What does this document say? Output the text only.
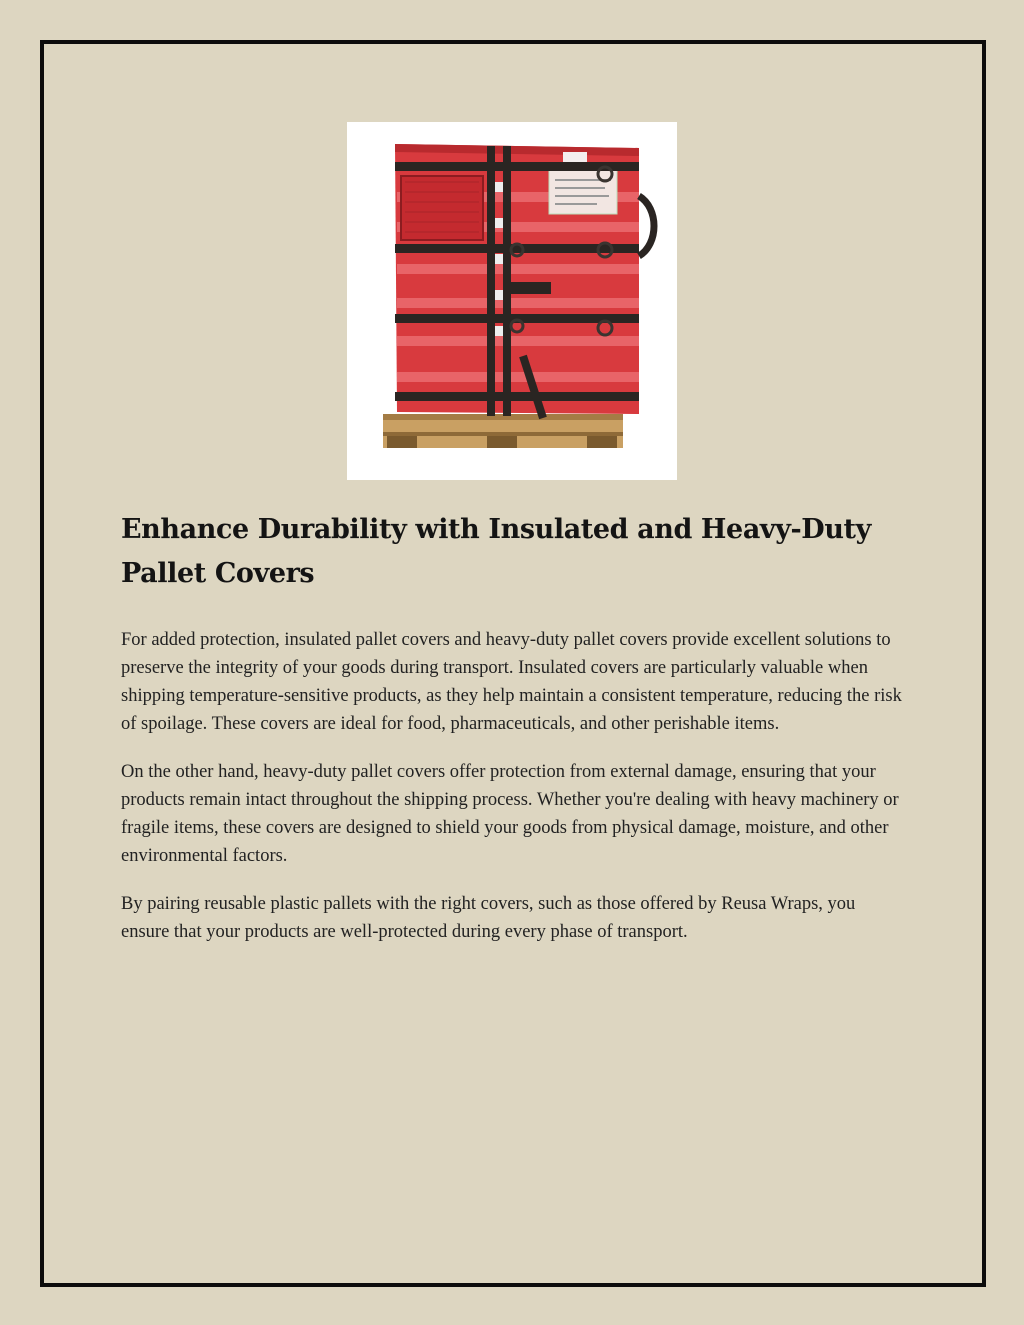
Enhance Durability with Insulated and Heavy-Duty Pallet Covers

For added protection, insulated pallet covers and heavy-duty pallet covers provide excellent solutions to preserve the integrity of your goods during transport. Insulated covers are particularly valuable when shipping temperature-sensitive products, as they help maintain a consistent temperature, reducing the risk of spoilage. These covers are ideal for food, pharmaceuticals, and other perishable items.

On the other hand, heavy-duty pallet covers offer protection from external damage, ensuring that your products remain intact throughout the shipping process. Whether you're dealing with heavy machinery or fragile items, these covers are designed to shield your goods from physical damage, moisture, and other environmental factors.

By pairing reusable plastic pallets with the right covers, such as those offered by Reusa Wraps, you ensure that your products are well-protected during every phase of transport.
